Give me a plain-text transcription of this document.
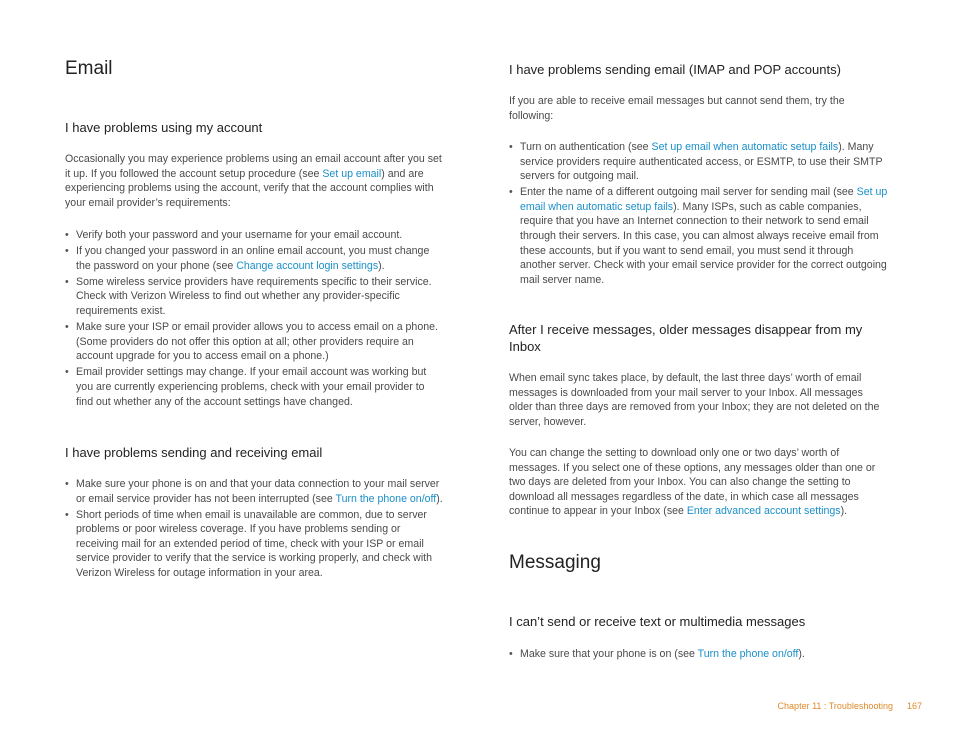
Email
I have problems using my account

Occasionally you may experience problems using an email account after you set it up. If you followed the account setup procedure (see Set up email) and are experiencing problems using the account, verify that the account complies with your email provider’s requirements:

• Verify both your password and your username for your email account.
• If you changed your password in an online email account, you must change the password on your phone (see Change account login settings).
• Some wireless service providers have requirements specific to their service. Check with Verizon Wireless to find out whether any provider-specific requirements exist.
• Make sure your ISP or email provider allows you to access email on a phone. (Some providers do not offer this option at all; other providers require an account upgrade for you to access email on a phone.)
• Email provider settings may change. If your email account was working but you are currently experiencing problems, check with your email provider to find out whether any of the account settings have changed.
I have problems sending and receiving email
• Make sure your phone is on and that your data connection to your mail server or email service provider has not been interrupted (see Turn the phone on/off).
• Short periods of time when email is unavailable are common, due to server problems or poor wireless coverage. If you have problems sending or receiving mail for an extended period of time, check with your ISP or email service provider to verify that the service is working properly, and check with Verizon Wireless for outage information in your area.
I have problems sending email (IMAP and POP accounts)

If you are able to receive email messages but cannot send them, try the following:

• Turn on authentication (see Set up email when automatic setup fails). Many service providers require authenticated access, or ESMTP, to use their SMTP servers for outgoing mail.
• Enter the name of a different outgoing mail server for sending mail (see Set up email when automatic setup fails). Many ISPs, such as cable companies, require that you have an Internet connection to their network to send email through their servers. In this case, you can almost always receive email from these accounts, but if you want to send email, you must send it through another server. Check with your email service provider for the correct outgoing mail server name.
After I receive messages, older messages disappear from my Inbox

When email sync takes place, by default, the last three days’ worth of email messages is downloaded from your mail server to your Inbox. All messages older than three days are removed from your Inbox; they are not deleted on the server, however.

You can change the setting to download only one or two days’ worth of messages. If you select one of these options, any messages older than one or two days are deleted from your Inbox. You can also change the setting to download all messages regardless of the date, in which case all messages continue to appear in your Inbox (see Enter advanced account settings).

Messaging
I can’t send or receive text or multimedia messages
• Make sure that your phone is on (see Turn the phone on/off).
Chapter 11 : Troubleshooting 167
